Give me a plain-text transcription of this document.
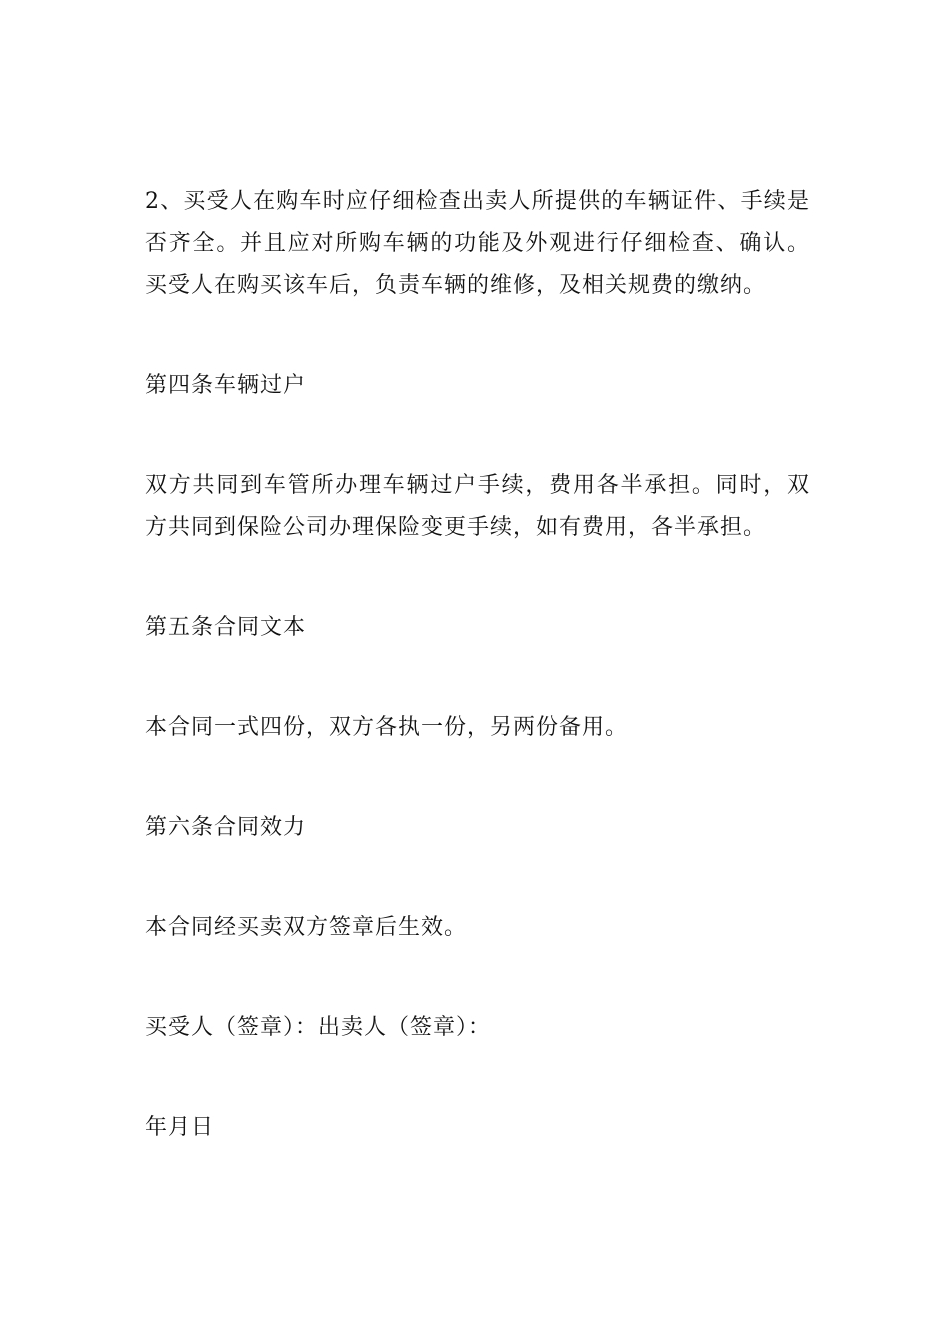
2、买受人在购车时应仔细检查出卖人所提供的车辆证件、手续是否齐全。并且应对所购车辆的功能及外观进行仔细检查、确认。买受人在购买该车后，负责车辆的维修，及相关规费的缴纳。

第四条车辆过户

双方共同到车管所办理车辆过户手续，费用各半承担。同时，双方共同到保险公司办理保险变更手续，如有费用，各半承担。

第五条合同文本

本合同一式四份，双方各执一份，另两份备用。

第六条合同效力

本合同经买卖双方签章后生效。

买受人（签章）：出卖人（签章）：

年月日
